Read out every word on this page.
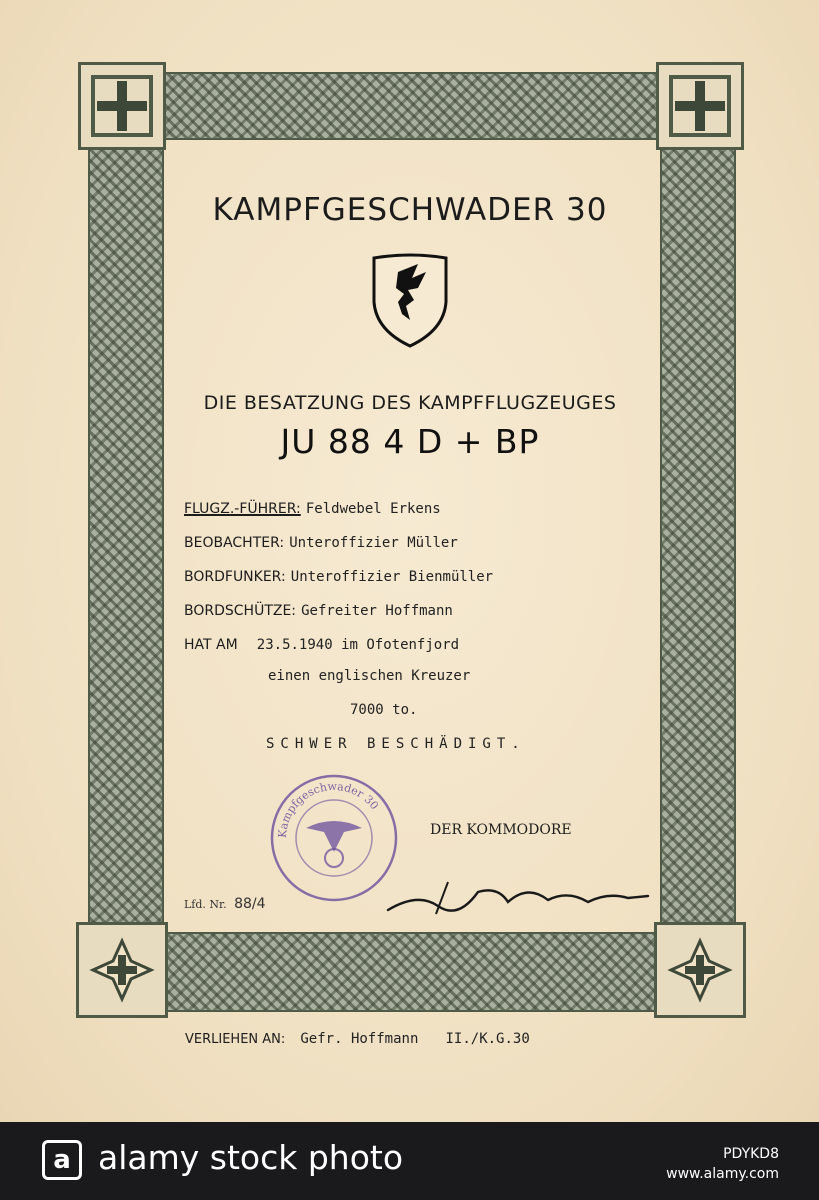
KAMPFGESCHWADER 30
DIE BESATZUNG DES KAMPFFLUGZEUGES
JU 88 4 D + BP
FLUGZ.-FÜHRER: Feldwebel Erkens
BEOBACHTER: Unteroffizier Müller
BORDFUNKER: Unteroffizier Bienmüller
BORDSCHÜTZE: Gefreiter Hoffmann
HAT AM 23.5.1940 im Ofotenfjord
einen englischen Kreuzer
7000 to.
SCHWER BESCHÄDIGT.
Kampfgeschwader 30
DER KOMMODORE
Lfd. Nr. 88/4
VERLIEHEN AN: Gefr. Hoffmann II./K.G.30
a alamy stock photo	PDYKD8
www.alamy.com
